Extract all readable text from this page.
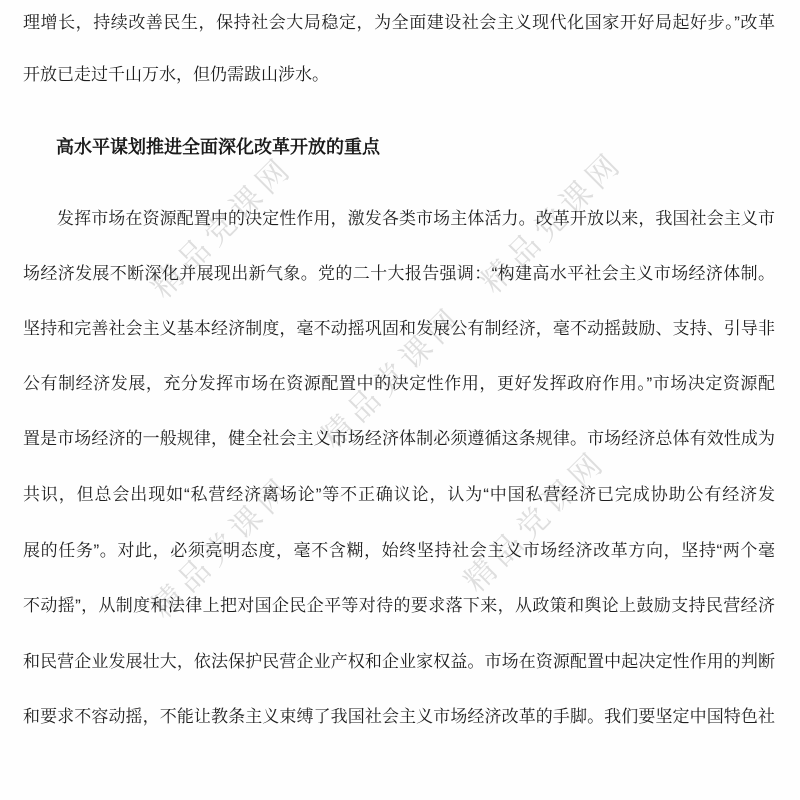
精品党课网	精品党课网
精品党课网
精品党课网	精品党课网
理增长，持续改善民生，保持社会大局稳定，为全面建设社会主义现代化国家开好局起好步。”改革
开放已走过千山万水，但仍需跋山涉水。
高水平谋划推进全面深化改革开放的重点
发挥市场在资源配置中的决定性作用，激发各类市场主体活力。改革开放以来，我国社会主义市
场经济发展不断深化并展现出新气象。党的二十大报告强调：“构建高水平社会主义市场经济体制。
坚持和完善社会主义基本经济制度，毫不动摇巩固和发展公有制经济，毫不动摇鼓励、支持、引导非
公有制经济发展，充分发挥市场在资源配置中的决定性作用，更好发挥政府作用。”市场决定资源配
置是市场经济的一般规律，健全社会主义市场经济体制必须遵循这条规律。市场经济总体有效性成为
共识，但总会出现如“私营经济离场论”等不正确议论，认为“中国私营经济已完成协助公有经济发
展的任务”。对此，必须亮明态度，毫不含糊，始终坚持社会主义市场经济改革方向，坚持“两个毫
不动摇”，从制度和法律上把对国企民企平等对待的要求落下来，从政策和舆论上鼓励支持民营经济
和民营企业发展壮大，依法保护民营企业产权和企业家权益。市场在资源配置中起决定性作用的判断
和要求不容动摇，不能让教条主义束缚了我国社会主义市场经济改革的手脚。我们要坚定中国特色社
